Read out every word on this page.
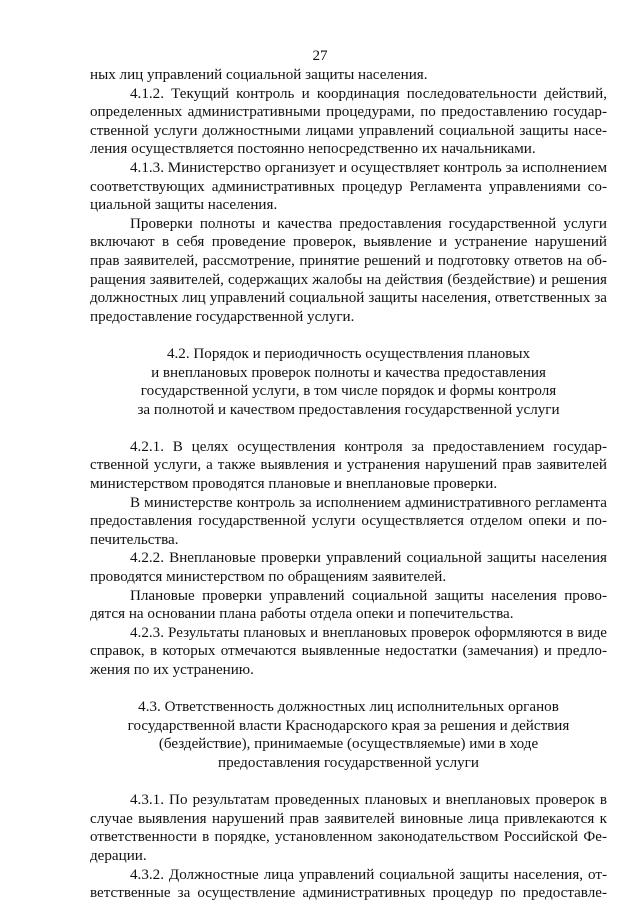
27
ных лиц управлений социальной защиты населения.
4.1.2. Текущий контроль и координация последовательности действий,
определенных административными процедурами, по предоставлению государ-
ственной услуги должностными лицами управлений социальной защиты насе-
ления осуществляется постоянно непосредственно их начальниками.
4.1.3. Министерство организует и осуществляет контроль за исполнением
соответствующих административных процедур Регламента управлениями со-
циальной защиты населения.
Проверки полноты и качества предоставления государственной услуги
включают в себя проведение проверок, выявление и устранение нарушений
прав заявителей, рассмотрение, принятие решений и подготовку ответов на об-
ращения заявителей, содержащих жалобы на действия (бездействие) и решения
должностных лиц управлений социальной защиты населения, ответственных за
предоставление государственной услуги.
4.2. Порядок и периодичность осуществления плановых
и внеплановых проверок полноты и качества предоставления
государственной услуги, в том числе порядок и формы контроля
за полнотой и качеством предоставления государственной услуги
4.2.1. В целях осуществления контроля за предоставлением государ-
ственной услуги, а также выявления и устранения нарушений прав заявителей
министерством проводятся плановые и внеплановые проверки.
В министерстве контроль за исполнением административного регламента
предоставления государственной услуги осуществляется отделом опеки и по-
печительства.
4.2.2. Внеплановые проверки управлений социальной защиты населения
проводятся министерством по обращениям заявителей.
Плановые проверки управлений социальной защиты населения прово-
дятся на основании плана работы отдела опеки и попечительства.
4.2.3. Результаты плановых и внеплановых проверок оформляются в виде
справок, в которых отмечаются выявленные недостатки (замечания) и предло-
жения по их устранению.
4.3. Ответственность должностных лиц исполнительных органов
государственной власти Краснодарского края за решения и действия
(бездействие), принимаемые (осуществляемые) ими в ходе
предоставления государственной услуги
4.3.1. По результатам проведенных плановых и внеплановых проверок в
случае выявления нарушений прав заявителей виновные лица привлекаются к
ответственности в порядке, установленном законодательством Российской Фе-
дерации.
4.3.2. Должностные лица управлений социальной защиты населения, от-
ветственные за осуществление административных процедур по предоставле-
